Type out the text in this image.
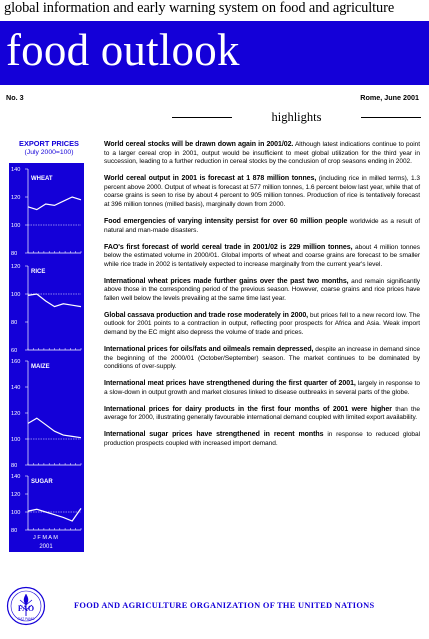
global information and early warning system on food and agriculture
food outlook
No. 3	Rome, June 2001
highlights
EXPORT PRICES
(July 2000=100)
140
120
100
80
WHEAT
120
100
80
60
RICE
160
140
120
100
80
MAIZE
140
120
100
80
SUGAR
J F M A M
2001

World cereal stocks will be drawn down again in 2001/02. Although latest indications continue to point to a larger cereal crop in 2001, output would be insufficient to meet global utilization for the third year in succession, leading to a further reduction in cereal stocks by the conclusion of crop seasons ending in 2002.

World cereal output in 2001 is forecast at 1 878 million tonnes, (including rice in milled terms), 1.3 percent above 2000. Output of wheat is forecast at 577 million tonnes, 1.6 percent below last year, while that of coarse grains is seen to rise by about 4 percent to 905 million tonnes. Production of rice is tentatively forecast at 396 million tonnes (milled basis), marginally down from 2000.

Food emergencies of varying intensity persist for over 60 million people worldwide as a result of natural and man-made disasters.

FAO's first forecast of world cereal trade in 2001/02 is 229 million tonnes, about 4 million tonnes below the estimated volume in 2000/01. Global imports of wheat and coarse grains are forecast to be smaller while rice trade in 2002 is tentatively expected to increase marginally from the current year's level.

International wheat prices made further gains over the past two months, and remain significantly above those in the corresponding period of the previous season. However, coarse grains and rice prices have fallen well below the levels prevailing at the same time last year.

Global cassava production and trade rose moderately in 2000, but prices fell to a new record low. The outlook for 2001 points to a contraction in output, reflecting poor prospects for Africa and Asia. Weak import demand by the EC might also depress the volume of trade and prices.

International prices for oils/fats and oilmeals remain depressed, despite an increase in demand since the beginning of the 2000/01 (October/September) season. The market continues to be dominated by conditions of over-supply.

International meat prices have strengthened during the first quarter of 2001, largely in response to a slow-down in output growth and market closures linked to disease outbreaks in several parts of the globe.

International prices for dairy products in the first four months of 2001 were higher than the average for 2000, illustrating generally favourable international demand coupled with limited export availability.

International sugar prices have strengthened in recent months in response to reduced global production prospects coupled with increased import demand.

FAO
FIAT PANIS
FOOD AND AGRICULTURE ORGANIZATION OF THE UNITED NATIONS
